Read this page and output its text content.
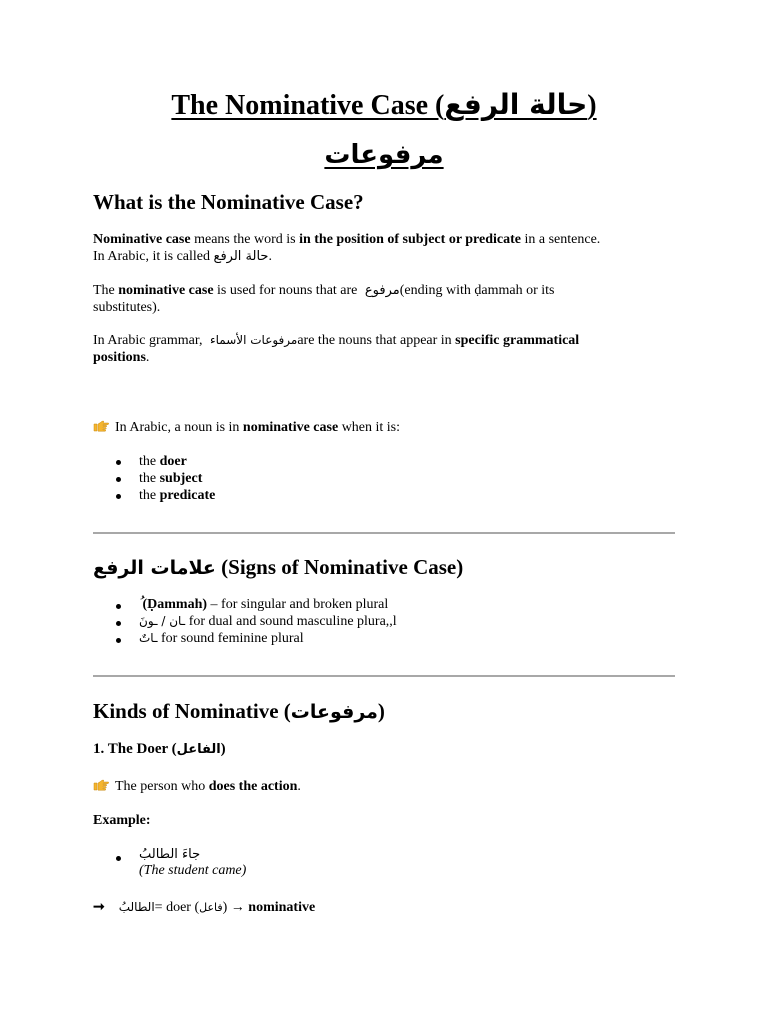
The Nominative Case (حالة الرفع)
مرفوعات
What is the Nominative Case?
Nominative case means the word is in the position of subject or predicate in a sentence.
In Arabic, it is called حالة الرفع.
The nominative case is used for nouns that are مرفوع(ending with ḍammah or its
substitutes).
In Arabic grammar, مرفوعات الأسماءare the nouns that appear in specific grammatical
positions.
In Arabic, a noun is in nominative case when it is:
the doer
the subject
the predicate
علامات الرفع (Signs of Nominative Case)
(Ḍammah) – for singular and broken plural
ـان / ـونَ for dual and sound masculine plura,,l
ـاتٌ for sound feminine plural
Kinds of Nominative (مرفوعات)
1. The Doer (الفاعل)
The person who does the action.
Example:
جاءَ الطالبُ
(The student came)
➞ الطالبُ= doer (فاعل) → nominative
